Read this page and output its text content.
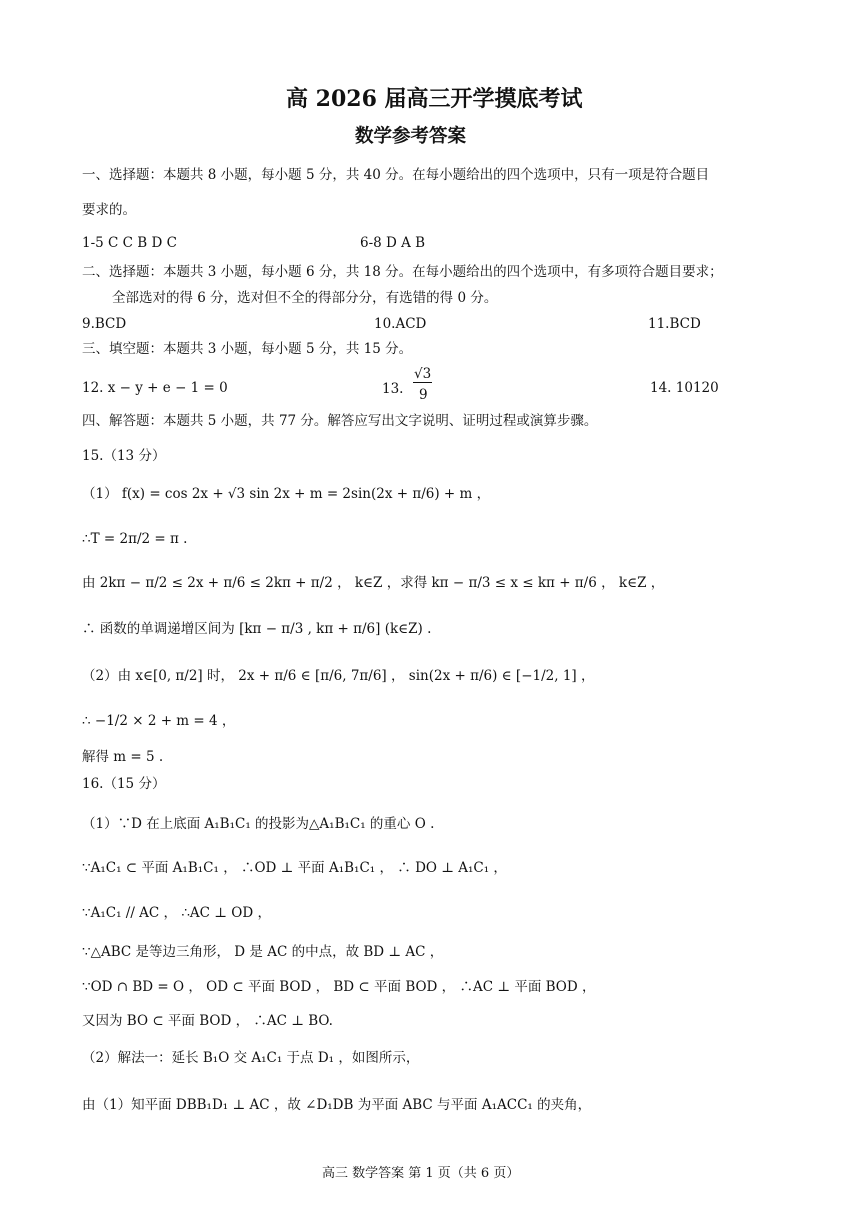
高 2026 届高三开学摸底考试
数学参考答案
一、选择题：本题共 8 小题，每小题 5 分，共 40 分。在每小题给出的四个选项中，只有一项是符合题目
要求的。
1-5 C C B D C	6-8 D A B
二、选择题：本题共 3 小题，每小题 6 分，共 18 分。在每小题给出的四个选项中，有多项符合题目要求；
全部选对的得 6 分，选对但不全的得部分分，有选错的得 0 分。
9.BCD	10.ACD	11.BCD
三、填空题：本题共 3 小题，每小题 5 分，共 15 分。
12. x − y + e − 1 = 0	13.
√3
9	14. 10120
四、解答题：本题共 5 小题，共 77 分。解答应写出文字说明、证明过程或演算步骤。
15.（13 分）
（1） f(x) = cos 2x + √3 sin 2x + m = 2sin(2x + π/6) + m ，
∴T = 2π/2 = π .
由 2kπ − π/2 ≤ 2x + π/6 ≤ 2kπ + π/2 ， k∈Z ，求得 kπ − π/3 ≤ x ≤ kπ + π/6 ， k∈Z ，
∴ 函数的单调递增区间为 [kπ − π/3 , kπ + π/6] (k∈Z) .
（2）由 x∈[0, π/2] 时， 2x + π/6 ∈ [π/6, 7π/6] ， sin(2x + π/6) ∈ [−1/2, 1] ，
∴ −1/2 × 2 + m = 4 ，
解得 m = 5 .
16.（15 分）
（1）∵D 在上底面 A₁B₁C₁ 的投影为△A₁B₁C₁ 的重心 O .
∵A₁C₁ ⊂ 平面 A₁B₁C₁ ， ∴OD ⊥ 平面 A₁B₁C₁ ， ∴ DO ⊥ A₁C₁ ，
∵A₁C₁ // AC ， ∴AC ⊥ OD ，
∵△ABC 是等边三角形， D 是 AC 的中点，故 BD ⊥ AC ，
∵OD ∩ BD = O ， OD ⊂ 平面 BOD ， BD ⊂ 平面 BOD ， ∴AC ⊥ 平面 BOD ，
又因为 BO ⊂ 平面 BOD ， ∴AC ⊥ BO.
（2）解法一：延长 B₁O 交 A₁C₁ 于点 D₁ ，如图所示，
由（1）知平面 DBB₁D₁ ⊥ AC ，故 ∠D₁DB 为平面 ABC 与平面 A₁ACC₁ 的夹角，
高三 数学答案 第 1 页（共 6 页）
